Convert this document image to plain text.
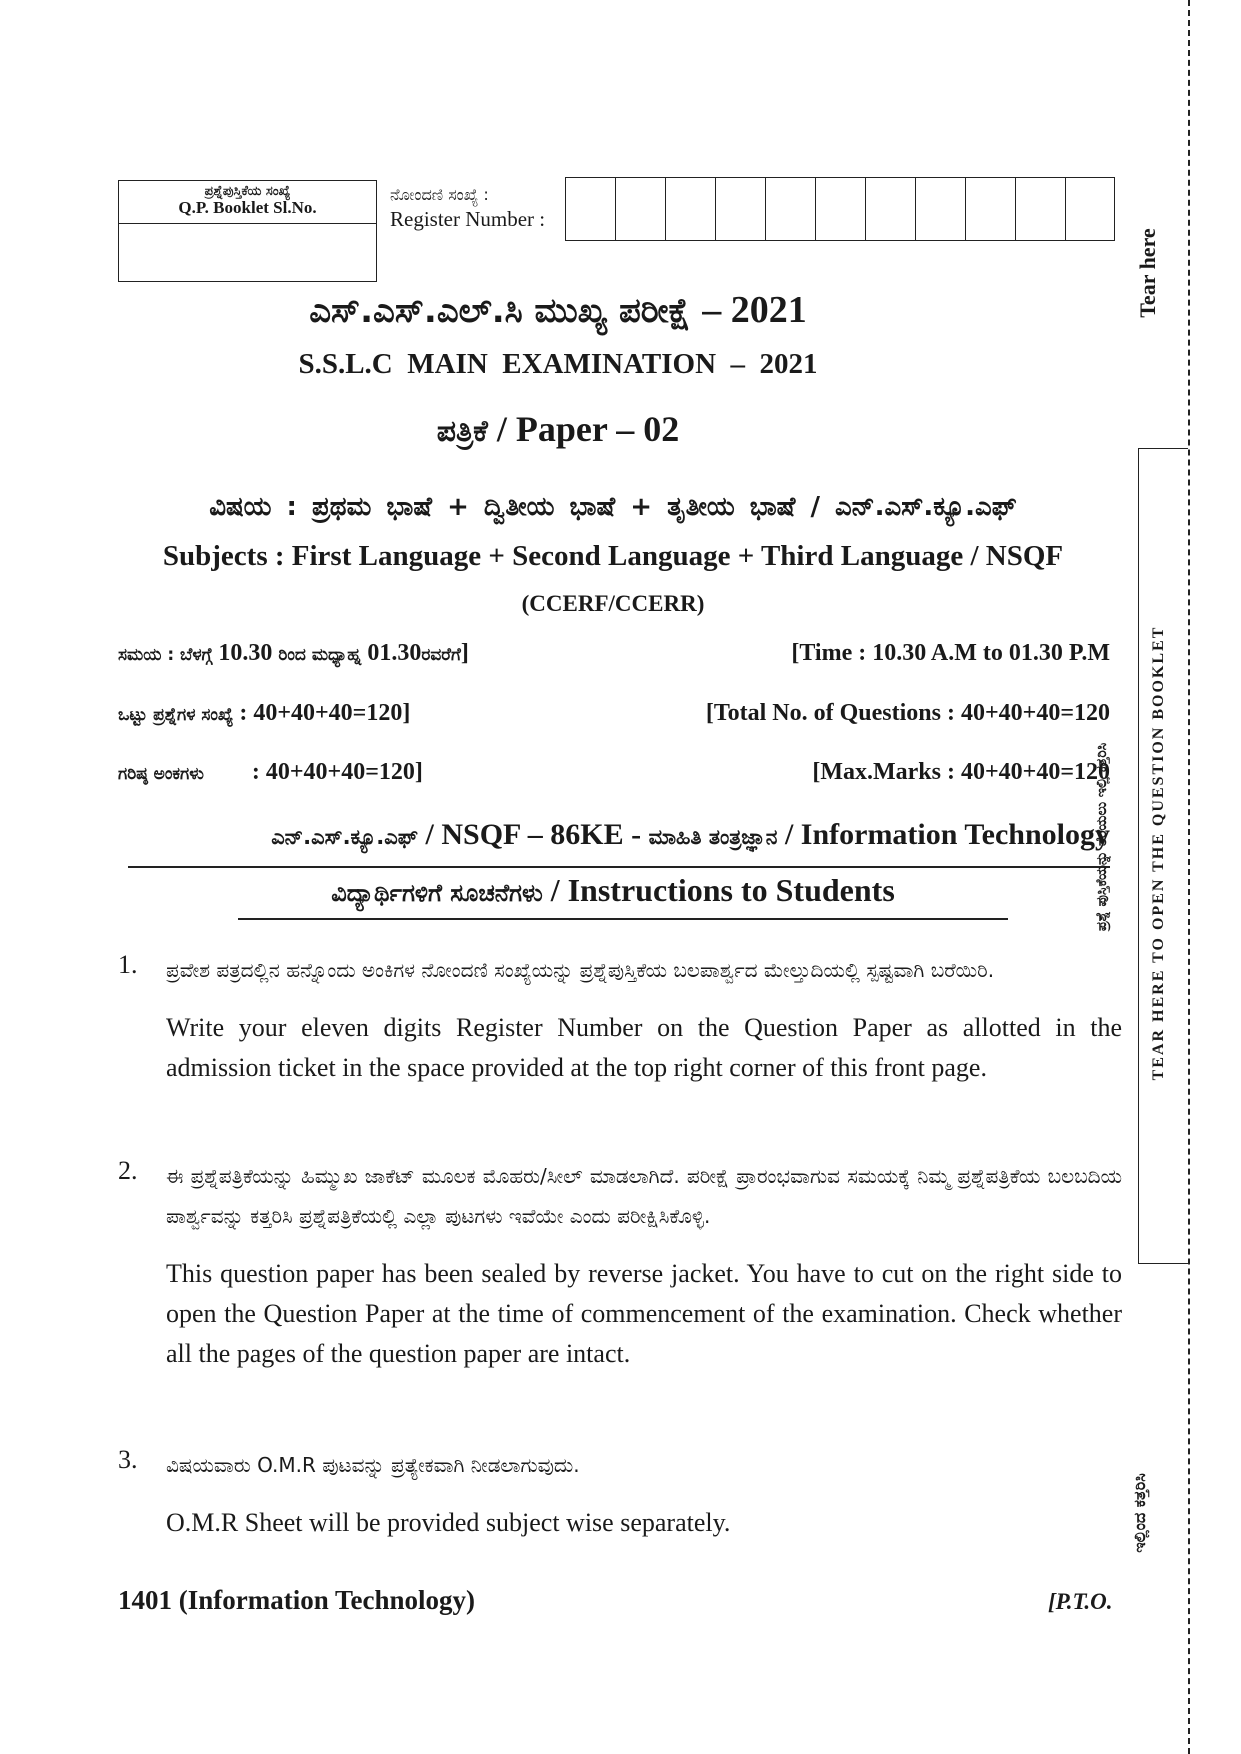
ಪ್ರಶ್ನೆಪುಸ್ತಿಕೆಯ ಸಂಖ್ಯೆ
Q.P. Booklet Sl.No.
ನೋಂದಣಿ ಸಂಖ್ಯೆ :
Register Number :
ಎಸ್.ಎಸ್.ಎಲ್.ಸಿ ಮುಖ್ಯ ಪರೀಕ್ಷೆ – 2021
S.S.L.C  MAIN  EXAMINATION  –  2021
ಪತ್ರಿಕೆ / Paper – 02
ವಿಷಯ : ಪ್ರಥಮ ಭಾಷೆ + ದ್ವಿತೀಯ ಭಾಷೆ + ತೃತೀಯ ಭಾಷೆ / ಎನ್.ಎಸ್.ಕ್ಯೂ.ಎಫ್
Subjects : First Language + Second Language + Third Language / NSQF
(CCERF/CCERR)
ಸಮಯ : ಬೆಳಗ್ಗೆ 10.30 ರಿಂದ ಮಧ್ಯಾಹ್ನ 01.30ರವರೆಗೆ]	[Time : 10.30 A.M to 01.30 P.M
ಒಟ್ಟು ಪ್ರಶ್ನೆಗಳ ಸಂಖ್ಯೆ : 40+40+40=120]	[Total No. of Questions : 40+40+40=120
ಗರಿಷ್ಠ ಅಂಕಗಳು        : 40+40+40=120]	[Max.Marks : 40+40+40=120
ಎನ್.ಎಸ್.ಕ್ಯೂ.ಎಫ್ / NSQF – 86KE - ಮಾಹಿತಿ ತಂತ್ರಜ್ಞಾನ / Information Technology
ವಿದ್ಯಾರ್ಥಿಗಳಿಗೆ ಸೂಚನೆಗಳು / Instructions to Students
1. ಪ್ರವೇಶ ಪತ್ರದಲ್ಲಿನ ಹನ್ನೊಂದು ಅಂಕಿಗಳ ನೋಂದಣಿ ಸಂಖ್ಯೆಯನ್ನು ಪ್ರಶ್ನೆಪುಸ್ತಿಕೆಯ ಬಲಪಾರ್ಶ್ವದ ಮೇಲ್ತುದಿಯಲ್ಲಿ ಸ್ಪಷ್ಟವಾಗಿ ಬರೆಯಿರಿ.
Write your eleven digits Register Number on the Question Paper as allotted in the admission ticket in the space provided at the top right corner of this front page.
2. ಈ ಪ್ರಶ್ನೆಪತ್ರಿಕೆಯನ್ನು ಹಿಮ್ಮುಖ ಜಾಕೆಟ್ ಮೂಲಕ ಮೊಹರು/ಸೀಲ್ ಮಾಡಲಾಗಿದೆ. ಪರೀಕ್ಷೆ ಪ್ರಾರಂಭವಾಗುವ ಸಮಯಕ್ಕೆ ನಿಮ್ಮ ಪ್ರಶ್ನೆಪತ್ರಿಕೆಯ ಬಲಬದಿಯ ಪಾರ್ಶ್ವವನ್ನು ಕತ್ತರಿಸಿ ಪ್ರಶ್ನೆಪತ್ರಿಕೆಯಲ್ಲಿ ಎಲ್ಲಾ ಪುಟಗಳು ಇವೆಯೇ ಎಂದು ಪರೀಕ್ಷಿಸಿಕೊಳ್ಳಿ.
This question paper has been sealed by reverse jacket. You have to cut on the right side to open the Question Paper at the time of commencement of the examination. Check whether all the pages of the question paper are intact.
3. ವಿಷಯವಾರು O.M.R ಪುಟವನ್ನು ಪ್ರತ್ಯೇಕವಾಗಿ ನೀಡಲಾಗುವುದು.
O.M.R Sheet will be provided subject wise separately.
1401 (Information Technology)	[P.T.O.
Tear here
TEAR HERE TO OPEN THE QUESTION BOOKLET
ಪ್ರಶ್ನೆ ಪುಸ್ತಿಕೆಯನ್ನು ತೆರೆಯಲು ಇಲ್ಲಿ ಕತ್ತರಿಸಿ
ಇಲ್ಲಿಂದ ಕತ್ತರಿಸಿ
